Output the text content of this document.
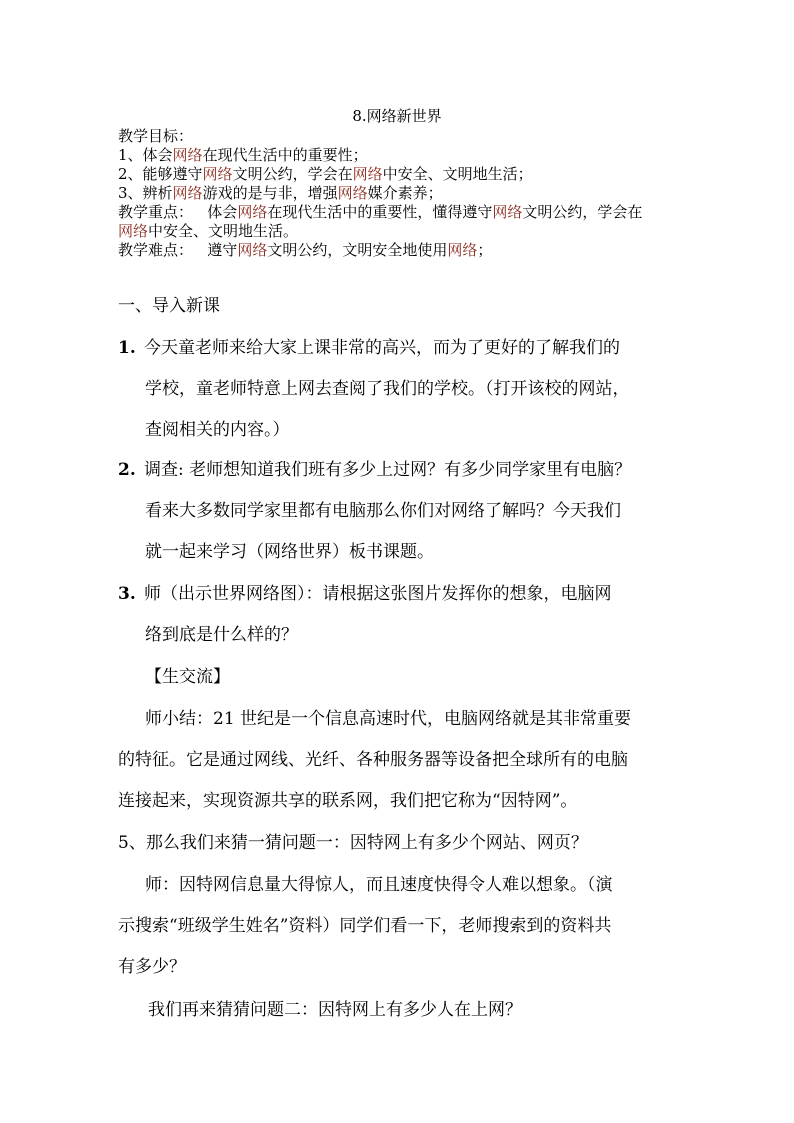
8.网络新世界
教学目标：
1、体会网络在现代生活中的重要性；
2、能够遵守网络文明公约，学会在网络中安全、文明地生活；
3、辨析网络游戏的是与非，增强网络媒介素养；
教学重点：   体会网络在现代生活中的重要性，懂得遵守网络文明公约，学会在
网络中安全、文明地生活。
教学难点：   遵守网络文明公约，文明安全地使用网络；
一、导入新课
1. 今天童老师来给大家上课非常的高兴，而为了更好的了解我们的
学校，童老师特意上网去查阅了我们的学校。（打开该校的网站，
查阅相关的内容。）
2. 调查: 老师想知道我们班有多少上过网？有多少同学家里有电脑？
看来大多数同学家里都有电脑那么你们对网络了解吗？今天我们
就一起来学习（网络世界）板书课题。
3. 师（出示世界网络图）：请根据这张图片发挥你的想象，电脑网
络到底是什么样的？
【生交流】
师小结：21 世纪是一个信息高速时代，电脑网络就是其非常重要
的特征。它是通过网线、光纤、各种服务器等设备把全球所有的电脑
连接起来，实现资源共享的联系网，我们把它称为“因特网”。
5、那么我们来猜一猜问题一：因特网上有多少个网站、网页？
师：因特网信息量大得惊人，而且速度快得令人难以想象。（演
示搜索“班级学生姓名”资料）同学们看一下，老师搜索到的资料共
有多少？
我们再来猜猜问题二：因特网上有多少人在上网？
